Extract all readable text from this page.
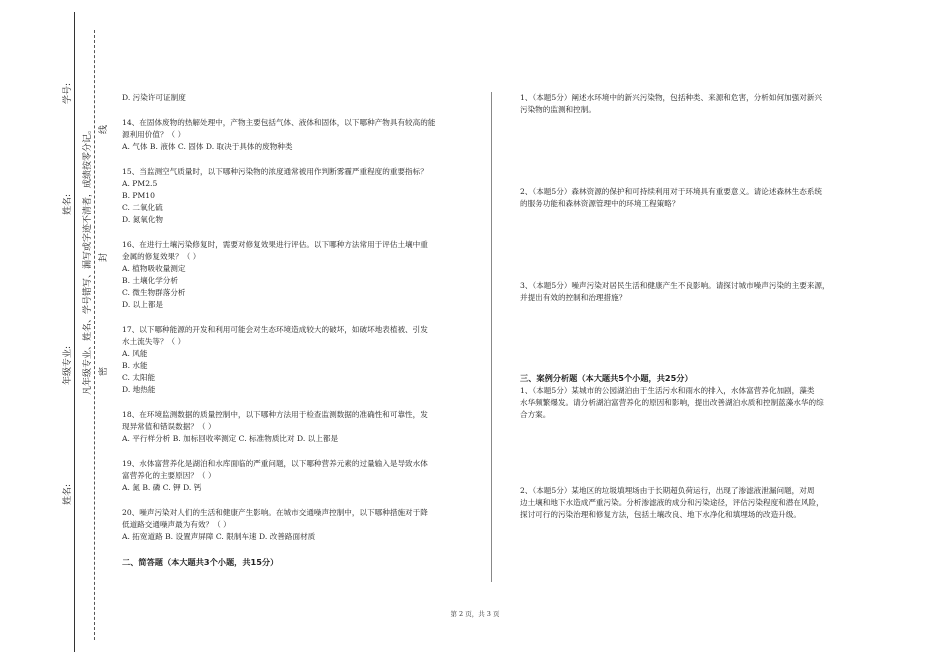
学号:
姓名:
年级专业:
姓名:
凡年级专业、姓名、学号错写、漏写或字迹不清者，成绩按零分记。 密
封
线

D. 污染许可证制度

14、在固体废物的热解处理中，产物主要包括气体、液体和固体，以下哪种产物具有较高的能

源利用价值？（ ）

A. 气体 B. 液体 C. 固体 D. 取决于具体的废物种类

15、当监测空气质量时，以下哪种污染物的浓度通常被用作判断雾霾严重程度的重要指标？

A. PM2.5

B. PM10

C. 二氧化硫

D. 氮氧化物

16、在进行土壤污染修复时，需要对修复效果进行评估。以下哪种方法常用于评估土壤中重

金属的修复效果？（ ）

A. 植物吸收量测定

B. 土壤化学分析

C. 微生物群落分析

D. 以上都是

17、以下哪种能源的开发和利用可能会对生态环境造成较大的破坏，如破坏地表植被、引发

水土流失等？（ ）

A. 风能

B. 水能

C. 太阳能

D. 地热能

18、在环境监测数据的质量控制中，以下哪种方法用于检查监测数据的准确性和可靠性，发

现异常值和错误数据？（ ）

A. 平行样分析 B. 加标回收率测定 C. 标准物质比对 D. 以上都是

19、水体富营养化是湖泊和水库面临的严重问题，以下哪种营养元素的过量输入是导致水体

富营养化的主要原因？（ ）

A. 氮 B. 磷 C. 钾 D. 钙

20、噪声污染对人们的生活和健康产生影响。在城市交通噪声控制中，以下哪种措施对于降

低道路交通噪声最为有效？（ ）

A. 拓宽道路 B. 设置声屏障 C. 限制车速 D. 改善路面材质

二、简答题（本大题共3个小题，共15分）

1、（本题5分）阐述水环境中的新兴污染物，包括种类、来源和危害，分析如何加强对新兴

污染物的监测和控制。

2、（本题5分）森林资源的保护和可持续利用对于环境具有重要意义。请论述森林生态系统

的服务功能和森林资源管理中的环境工程策略？

3、（本题5分）噪声污染对居民生活和健康产生不良影响。请探讨城市噪声污染的主要来源，

并提出有效的控制和治理措施？

三、案例分析题（本大题共5个小题，共25分）

1、（本题5分）某城市的公园湖泊由于生活污水和雨水的排入，水体富营养化加剧，藻类

水华频繁爆发。请分析湖泊富营养化的原因和影响，提出改善湖泊水质和控制蓝藻水华的综

合方案。

2、（本题5分）某地区的垃圾填埋场由于长期超负荷运行，出现了渗滤液泄漏问题，对周

边土壤和地下水造成严重污染。分析渗滤液的成分和污染途径，评估污染程度和潜在风险，

探讨可行的污染治理和修复方法，包括土壤改良、地下水净化和填埋场的改造升级。

第 2 页，共 3 页
